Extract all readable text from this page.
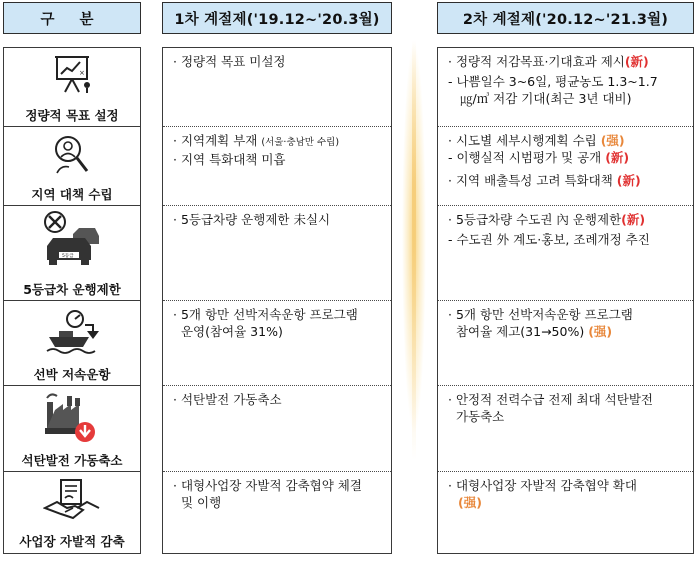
구 분	1차 계절제('19.12~'20.3월)	2차 계절제('20.12~'21.3월)
×
정량적 목표 설정
지역 대책 수립
5등급
5등급차 운행제한
선박 저속운항
석탄발전 가동축소
사업장 자발적 감축
· 정량적 목표 미설정
· 지역계획 부재 (서울·충남만 수립)
· 지역 특화대책 미흡
· 5등급차량 운행제한 未실시
· 5개 항만 선박저속운항 프로그램
운영(참여율 31%)
· 석탄발전 가동축소
· 대형사업장 자발적 감축협약 체결
및 이행
· 정량적 저감목표·기대효과 제시(新)
- 나쁨일수 3~6일, 평균농도 1.3~1.7
㎍/㎥ 저감 기대(최근 3년 대비)
· 시도별 세부시행계획 수립 (强)
- 이행실적 시범평가 및 공개 (新)
· 지역 배출특성 고려 특화대책 (新)
· 5등급차량 수도권 內 운행제한(新)
- 수도권 外 계도·홍보, 조례개정 추진
· 5개 항만 선박저속운항 프로그램
참여율 제고(31→50%) (强)
· 안정적 전력수급 전제 최대 석탄발전
가동축소
· 대형사업장 자발적 감축협약 확대
(强)
